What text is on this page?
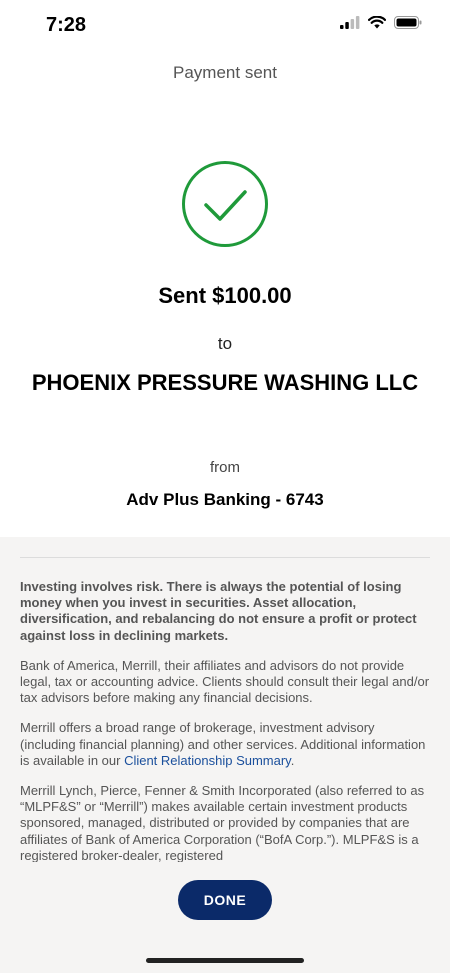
7:28
Payment sent
Sent $100.00
to
PHOENIX PRESSURE WASHING LLC
from
Adv Plus Banking - 6743

Investing involves risk. There is always the potential of losing money when you invest in securities. Asset allocation, diversification, and rebalancing do not ensure a profit or protect against loss in declining markets.

Bank of America, Merrill, their affiliates and advisors do not provide legal, tax or accounting advice. Clients should consult their legal and/or tax advisors before making any financial decisions.

Merrill offers a broad range of brokerage, investment advisory (including financial planning) and other services. Additional information is available in our Client Relationship Summary.

Merrill Lynch, Pierce, Fenner & Smith Incorporated (also referred to as “MLPF&S” or “Merrill”) makes available certain investment products sponsored, managed, distributed or provided by companies that are affiliates of Bank of America Corporation (“BofA Corp.”). MLPF&S is a registered broker-dealer, registered

DONE
